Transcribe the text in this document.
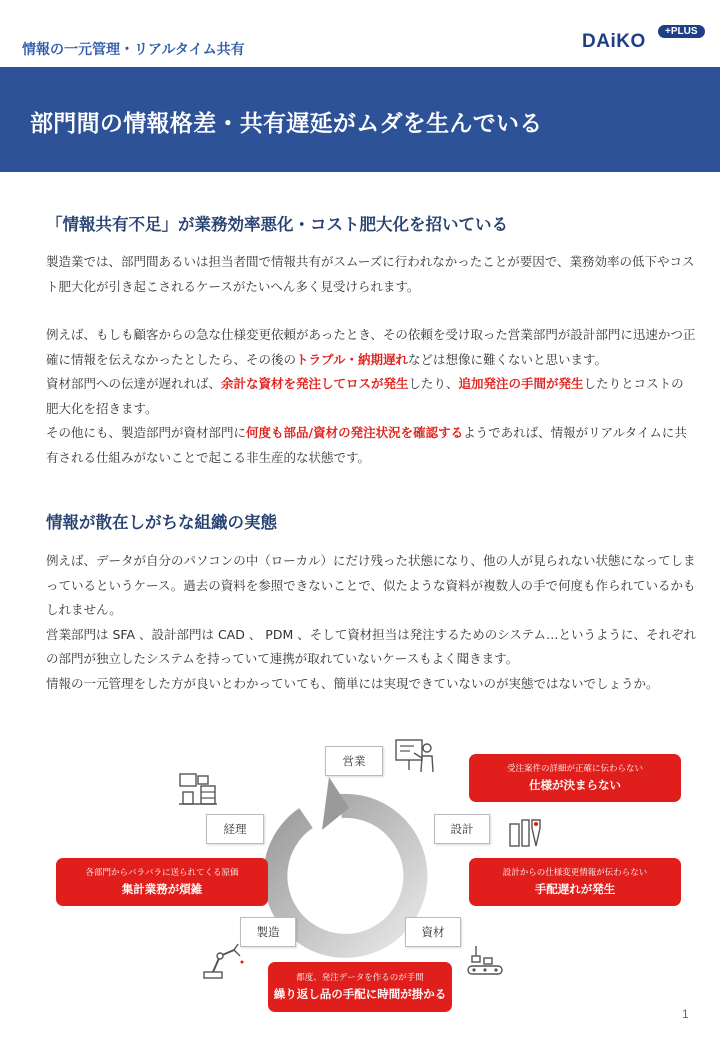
情報の一元管理・リアルタイム共有	DAiKO	+PLUS
部門間の情報格差・共有遅延がムダを生んでいる
「情報共有不足」が業務効率悪化・コスト肥大化を招いている

製造業では、部門間あるいは担当者間で情報共有がスムーズに行われなかったことが要因で、業務効率の低下やコスト肥大化が引き起こされるケースがたいへん多く見受けられます。

例えば、もしも顧客からの急な仕様変更依頼があったとき、その依頼を受け取った営業部門が設計部門に迅速かつ正確に情報を伝えなかったとしたら、その後のトラブル・納期遅れなどは想像に難くないと思います。

資材部門への伝達が遅れれば、余計な資材を発注してロスが発生したり、追加発注の手間が発生したりとコストの肥大化を招きます。

その他にも、製造部門が資材部門に何度も部品/資材の発注状況を確認するようであれば、情報がリアルタイムに共有される仕組みがないことで起こる非生産的な状態です。

情報が散在しがちな組織の実態

例えば、データが自分のパソコンの中（ローカル）にだけ残った状態になり、他の人が見られない状態になってしまっているというケース。過去の資料を参照できないことで、似たような資料が複数人の手で何度も作られているかもしれません。

営業部門は SFA 、設計部門は CAD 、 PDM 、そして資材担当は発注するためのシステム…というように、それぞれの部門が独立したシステムを持っていて連携が取れていないケースもよく聞きます。

情報の一元管理をした方が良いとわかっていても、簡単には実現できていないのが実態ではないでしょうか。

営業
設計
資材
製造
経理
受注案件の詳細が正確に伝わらない
仕様が決まらない
設計からの仕様変更情報が伝わらない
手配遅れが発生
都度、発注データを作るのが手間
繰り返し品の手配に時間が掛かる
各部門からバラバラに送られてくる原価
集計業務が煩雑
1
